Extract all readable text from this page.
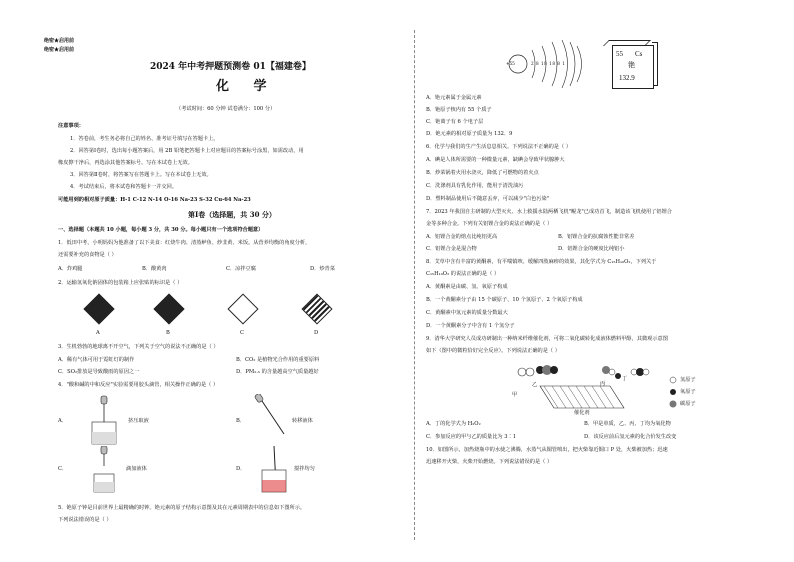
绝密★启用前
绝密★启用前
2024 年中考押题预测卷 01【福建卷】
化 学
（考试时间：60 分钟 试卷满分：100 分）
注意事项：
1．答卷前，考生务必将自己的姓名、准考证号填写在答题卡上。
2．回答第Ⅰ卷时，选出每小题答案后，用 2B 铅笔把答题卡上对应题目的答案标号涂黑，如需改动，用
橡皮擦干净后，再选涂其他答案标号。写在本试卷上无效。
3．回答第Ⅱ卷时，将答案写在答题卡上。写在本试卷上无效。
4．考试结束后，将本试卷和答题卡一并交回。
可能用到的相对原子质量：H-1 C-12 N-14 O-16 Na-23 S-32 Cu-64 Na-23
第Ⅰ卷（选择题，共 30 分）
一、选择题（本题共 10 小题，每小题 3 分，共 30 分。每小题只有一个选项符合题意）
1．低田中考，小明妈妈为他准备了以下美食：红烧牛肉、清蒸鲈鱼、炒韭黄、米饭。从营养均衡的角度分析，
还需要补充的食物是（ ）
A．炸鸡腿	B．酸黄肉	C．凉拌豆腐	D．炒青菜
2．运输氢氧化钠固体的包装箱上应张贴的标识是（ ）
A	B	C	D
3．生机勃勃的地球离不开空气，下列关于空气的说法不正确的是（ ）
A．稀有气体可用于霓虹灯的制作	B．CO₂ 是植物光合作用的重要原料
C．SO₂排放是导致酸雨的原因之一	D．PM₂.₅ 的含量越高空气质量越好
4．"酸和碱的中和反应"实验需要用胶头滴管，相关操作正确的是（ ）
A．	挤压取液	B．	转移液体
C．	滴加液体	D．	搅拌均匀
5．铯原子钟是目前世界上最精确的时钟。铯元素的原子结构示意图及其在元素周期表中的信息如下图所示。
下列说法错误的是（ ）
+55	2 8 18 18 8 1
55 Cs
铯
132.9
A．铯元素属于金属元素
B．铯原子核内有 55 个质子
C．铯离子有 6 个电子层
D．铯元素的相对原子质量为 132．9
6．化学与我们的生产生活息息相关。下列说法不正确的是（ ）
A．碘是人体所需要的一种微量元素，缺碘会导致甲状腺肿大
B．炒菜锅着火用水浇灭，降低了可燃物的着火点
C．洗涤剂具有乳化作用，能用于清洗油污
D．塑料制品使用后不随意丢弃，可以减少"白色污染"
7．2023 年我国自主研制的大型灭火、水上救援水陆两栖飞机"鲲龙"已成功首飞，制造该飞机使用了铝锂合
金等多种合金。下列有关铝锂合金的说法正确的是（ ）
A．铝锂合金的熔点比纯铝更高	B．铝锂合金的抗腐蚀性能非常差
C．铝锂合金是混合物	D．铝锂合金的硬度比纯铝小
8．艾草中含有丰富的黄酮素，有平喘镇咳、缓解四肢麻痹的效果，其化学式为 C₁₅H₁₀O₂，下列关于
C₁₅H₁₀O₂ 的说法正确的是（ ）
A．黄酮素是由碳、氢、氧原子构成
B．一个黄酮素分子由 15 个碳原子、10 个氢原子、2 个氧原子构成
C．黄酮素中氢元素的质量分数最大
D．一个黄酮素分子中含有 1 个氢分子
9．清华大学研究人员成功研制出一种纳米纤维催化剂，可将二氧化碳转化成液体燃料甲醇，其微观示意图
如下（图中的微粒恰好完全反应）。下列说法正确的是（ ）
甲
乙	丙
丁
催化剂
氢原子
氧原子
碳原子
A．丁的化学式为 H₂O₂	B．甲是单质，乙、丙、丁均为氧化物
C．参加反应的甲与乙的质量比为 3∶1	D．该反应前后氢元素的化合价发生改变
10．如图所示，加热烧瓶中的水使之沸腾，水蒸气从铜管喷出，把火柴靠近铜口 P 处，火柴被加热；迅速
迅速移开火柴，火柴开始燃烧。下列说法错误的是（ ）
